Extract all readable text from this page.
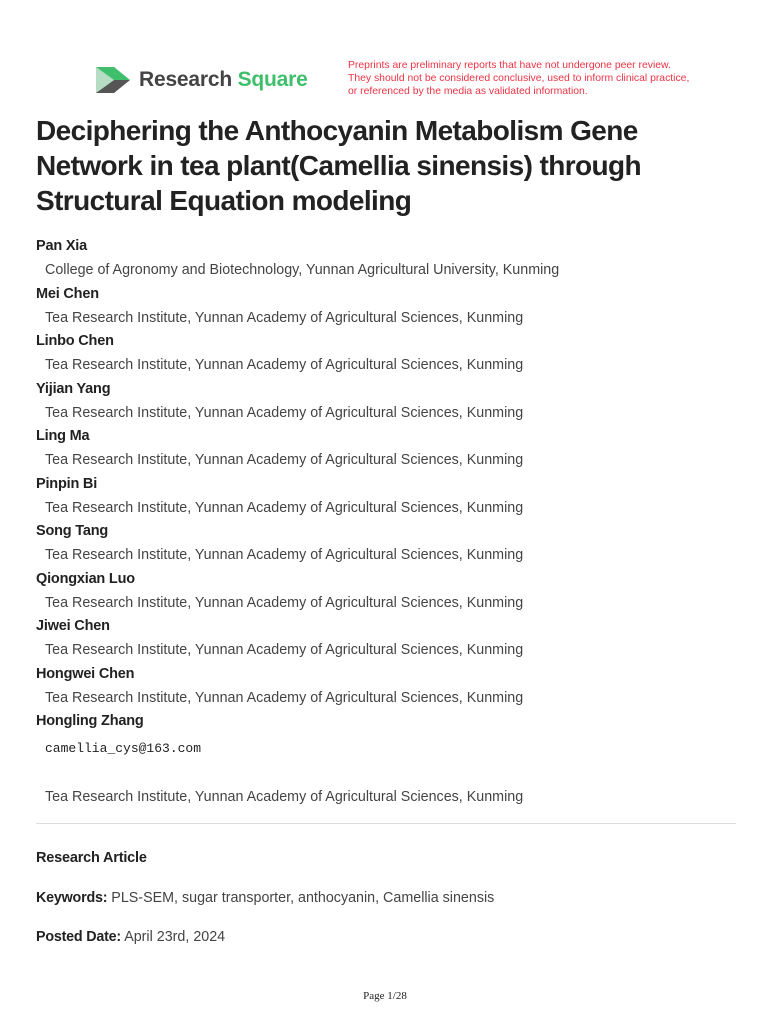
Research Square
Preprints are preliminary reports that have not undergone peer review.
They should not be considered conclusive, used to inform clinical practice,
or referenced by the media as validated information.
Deciphering the Anthocyanin Metabolism Gene
Network in tea plant(Camellia sinensis) through
Structural Equation modeling
Pan Xia
College of Agronomy and Biotechnology, Yunnan Agricultural University, Kunming
Mei Chen
Tea Research Institute, Yunnan Academy of Agricultural Sciences, Kunming
Linbo Chen
Tea Research Institute, Yunnan Academy of Agricultural Sciences, Kunming
Yijian Yang
Tea Research Institute, Yunnan Academy of Agricultural Sciences, Kunming
Ling Ma
Tea Research Institute, Yunnan Academy of Agricultural Sciences, Kunming
Pinpin Bi
Tea Research Institute, Yunnan Academy of Agricultural Sciences, Kunming
Song Tang
Tea Research Institute, Yunnan Academy of Agricultural Sciences, Kunming
Qiongxian Luo
Tea Research Institute, Yunnan Academy of Agricultural Sciences, Kunming
Jiwei Chen
Tea Research Institute, Yunnan Academy of Agricultural Sciences, Kunming
Hongwei Chen
Tea Research Institute, Yunnan Academy of Agricultural Sciences, Kunming
Hongling Zhang
camellia_cys@163.com
Tea Research Institute, Yunnan Academy of Agricultural Sciences, Kunming
Research Article
Keywords: PLS-SEM, sugar transporter, anthocyanin, Camellia sinensis
Posted Date: April 23rd, 2024
Page 1/28
